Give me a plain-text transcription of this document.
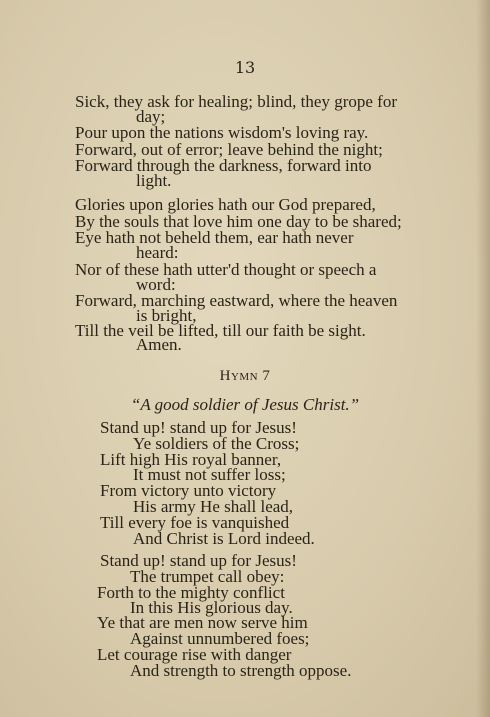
13
Sick, they ask for healing; blind, they grope for
day;
Pour upon the nations wisdom's loving ray.
Forward, out of error; leave behind the night;
Forward through the darkness, forward into
light.
Glories upon glories hath our God prepared,
By the souls that love him one day to be shared;
Eye hath not beheld them, ear hath never
heard:
Nor of these hath utter'd thought or speech a
word:
Forward, marching eastward, where the heaven
is bright,
Till the veil be lifted, till our faith be sight.
Amen.
Hymn 7
“A good soldier of Jesus Christ.”
Stand up! stand up for Jesus!
Ye soldiers of the Cross;
Lift high His royal banner,
It must not suffer loss;
From victory unto victory
His army He shall lead,
Till every foe is vanquished
And Christ is Lord indeed.
Stand up! stand up for Jesus!
The trumpet call obey:
Forth to the mighty conflict
In this His glorious day.
Ye that are men now serve him
Against unnumbered foes;
Let courage rise with danger
And strength to strength oppose.
